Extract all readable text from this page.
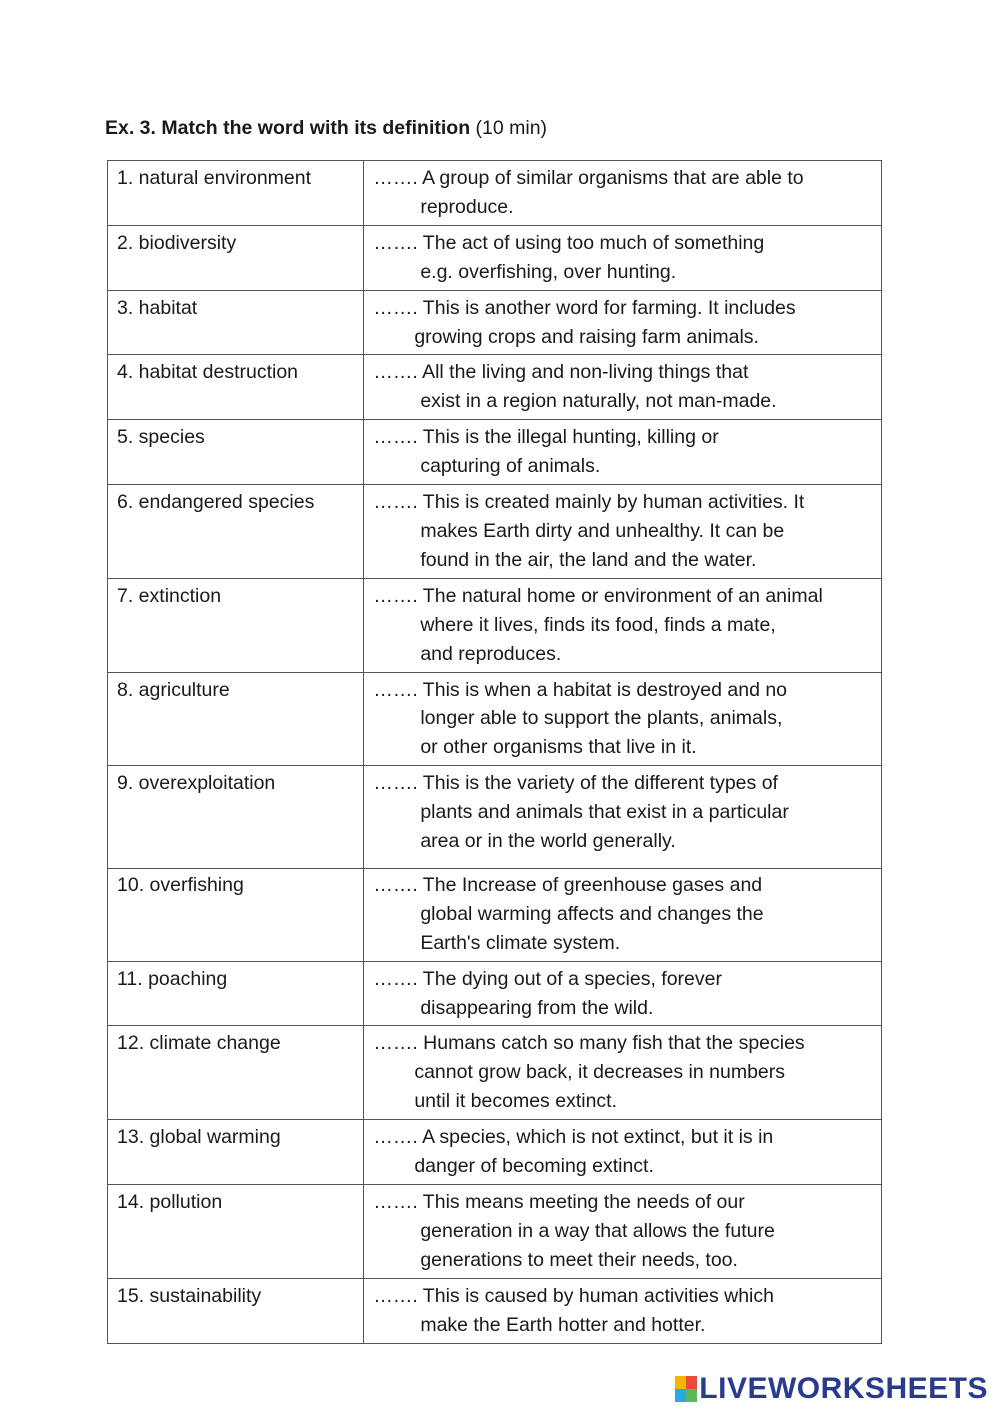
Ex. 3. Match the word with its definition (10 min)
1. natural environment	……. A group of similar organisms that are able to
reproduce.

2. biodiversity	……. The act of using too much of something
e.g. overfishing, over hunting.

3. habitat	……. This is another word for farming. It includes
growing crops and raising farm animals.

4. habitat destruction	……. All the living and non-living things that
exist in a region naturally, not man-made.

5. species	……. This is the illegal hunting, killing or
capturing of animals.

6. endangered species	……. This is created mainly by human activities. It
makes Earth dirty and unhealthy. It can be
found in the air, the land and the water.

7. extinction	……. The natural home or environment of an animal
where it lives, finds its food, finds a mate,
and reproduces.

8. agriculture	……. This is when a habitat is destroyed and no
longer able to support the plants, animals,
or other organisms that live in it.

9. overexploitation	……. This is the variety of the different types of
plants and animals that exist in a particular
area or in the world generally.

10. overfishing	……. The Increase of greenhouse gases and
global warming affects and changes the
Earth's climate system.

11. poaching	……. The dying out of a species, forever
disappearing from the wild.

12. climate change	……. Humans catch so many fish that the species
cannot grow back, it decreases in numbers
until it becomes extinct.

13. global warming	……. A species, which is not extinct, but it is in
danger of becoming extinct.

14. pollution	……. This means meeting the needs of our
generation in a way that allows the future
generations to meet their needs, too.

15. sustainability	……. This is caused by human activities which
make the Earth hotter and hotter.
LIVEWORKSHEETS
